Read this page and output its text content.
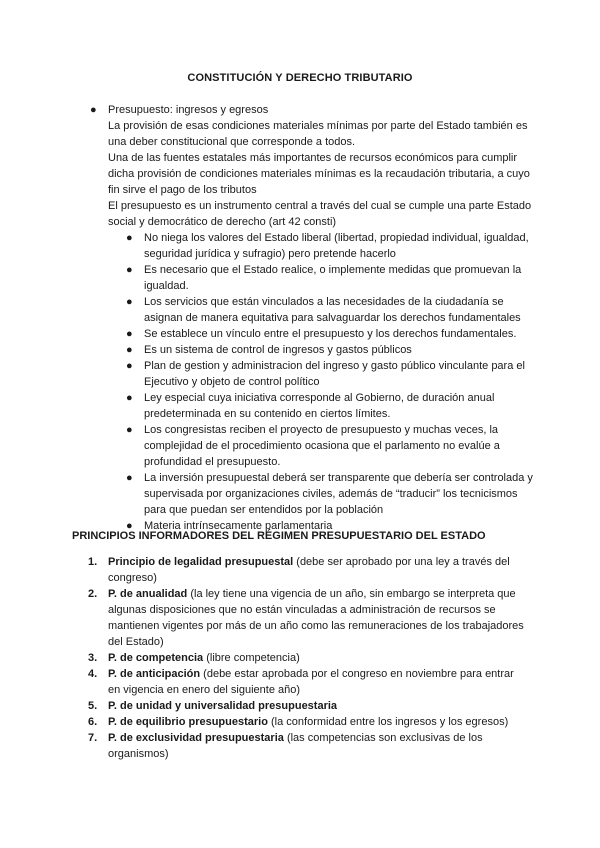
CONSTITUCIÓN Y DERECHO TRIBUTARIO
● Presupuesto: ingresos y egresos

La provisión de esas condiciones materiales mínimas por parte del Estado también es una deber constitucional que corresponde a todos.

Una de las fuentes estatales más importantes de recursos económicos para cumplir dicha provisión de condiciones materiales mínimas es la recaudación tributaria, a cuyo fin sirve el pago de los tributos

El presupuesto es un instrumento central a través del cual se cumple una parte Estado social y democrático de derecho (art 42 consti)

● No niega los valores del Estado liberal (libertad, propiedad individual, igualdad, seguridad jurídica y sufragio) pero pretende hacerlo
● Es necesario que el Estado realice, o implemente medidas que promuevan la igualdad.
● Los servicios que están vinculados a las necesidades de la ciudadanía se asignan de manera equitativa para salvaguardar los derechos fundamentales
● Se establece un vínculo entre el presupuesto y los derechos fundamentales.
● Es un sistema de control de ingresos y gastos públicos
● Plan de gestion y administracion del ingreso y gasto público vinculante para el Ejecutivo y objeto de control político
● Ley especial cuya iniciativa corresponde al Gobierno, de duración anual predeterminada en su contenido en ciertos límites.
● Los congresistas reciben el proyecto de presupuesto y muchas veces, la complejidad de el procedimiento ocasiona que el parlamento no evalúe a profundidad el presupuesto.
● La inversión presupuestal deberá ser transparente que debería ser controlada y supervisada por organizaciones civiles, además de “traducir” los tecnicismos para que puedan ser entendidos por la población
● Materia intrínsecamente parlamentaria
PRINCIPIOS INFORMADORES DEL RÉGIMEN PRESUPUESTARIO DEL ESTADO
1. Principio de legalidad presupuestal (debe ser aprobado por una ley a través del congreso)
2. P. de anualidad (la ley tiene una vigencia de un año, sin embargo se interpreta que algunas disposiciones que no están vinculadas a administración de recursos se mantienen vigentes por más de un año como las remuneraciones de los trabajadores del Estado)
3. P. de competencia (libre competencia)
4. P. de anticipación (debe estar aprobada por el congreso en noviembre para entrar en vigencia en enero del siguiente año)
5. P. de unidad y universalidad presupuestaria
6. P. de equilibrio presupuestario (la conformidad entre los ingresos y los egresos)
7. P. de exclusividad presupuestaria (las competencias son exclusivas de los organismos)
